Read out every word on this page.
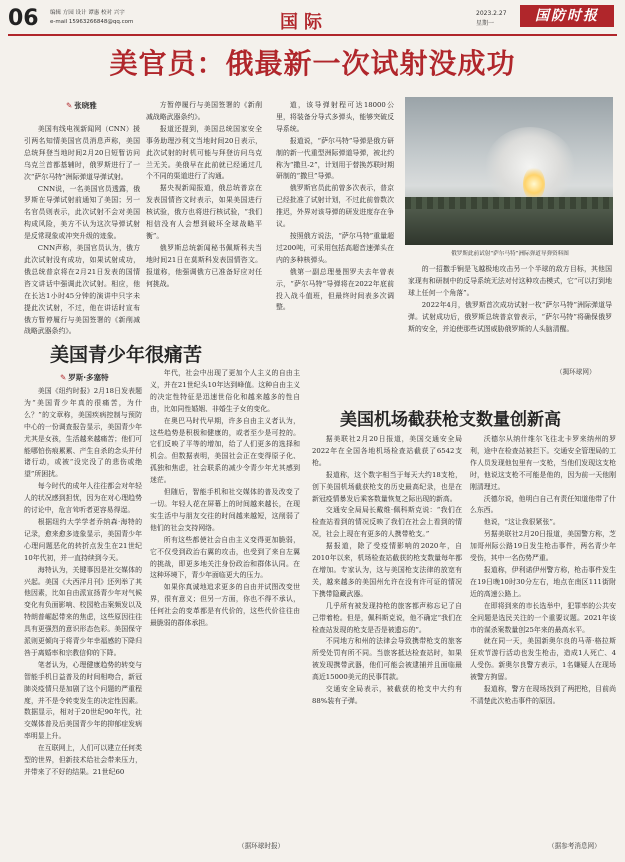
06 编辑 方园 设计 谭惠 校对 兴宇
e-mail 15963266848@qq.com	国际	2023.2.27
星期一	国防时报
美官员：俄最新一次试射没成功
✎ 张晓雅

美国有线电视新闻网（CNN）援引两名知情美国官员消息声称，美国总统拜登当地时间2月20日短暂访问乌克兰首都基辅时，俄罗斯进行了一次“萨尔马特”洲际弹道导弹试射。

CNN说，一名美国官员透露，俄罗斯在导弹试射前通知了美国；另一名官员则表示，此次试射不会对美国构成风险，美方不认为这次导弹试射是反常现象或冲突升级的迹象。

CNN声称，美国官员认为，俄方此次试射没有成功，如果试射成功，俄总统普京将在2月21日发表的国情咨文讲话中强调此次试射。相应，他在长达1小时45分钟的演讲中只字未提此次试射，不过，他在讲话时宣布俄方暂停履行与美国签署的《新削减战略武器条约》。

方暂停履行与美国签署的《新削减战略武器条约》。

报道还提到，美国总统国家安全事务助理沙利文当地时间20日表示，此次试射的时机可能与拜登访问乌克兰无关。美俄早在此前就已经通过几个不同的渠道进行了沟通。

据央视新闻报道，俄总统普京在发表国情咨文时表示，如果美国进行核试验，俄方也将进行核试验，“我们相信没有人会想到破坏全球战略平衡”。

俄罗斯总统新闻秘书佩斯科夫当地时间21日在莫斯科发表国情咨文。报道称，他强调俄方已准备好应对任何挑战。

道，该导弹射程可达18000公里，将装备分导式多弹头，能够突破反导系统。

报道说，“萨尔马特”导弹是俄方研制的新一代重型洲际弹道导弹，被北约称为“撒旦-2”，计划用于替换苏联时期研制的“撒旦”导弹。

俄罗斯官员此前曾多次表示，普京已经批准了试射计划，不过此前曾数次推迟，外界对该导弹的研发进度存在争议。

按照俄方说法，“萨尔马特”重量超过200吨，可采用包括高超音速弹头在内的多种核弹头。

俄第一副总理曼图罗夫去年曾表示，“萨尔马特”导弹将在2022年底前投入战斗值班，但最终时间表多次调整。

俄罗斯此前试射“萨尔马特”洲际弹道导弹资料图

的一招撒手锏是飞越极地攻击另一个半球的敌方目标，其他国家现有和研制中的反导系统无法对付这种攻击模式，它“可以打到地球上任何一个角落”。

2022年4月，俄罗斯首次成功试射一枚“萨尔马特”洲际弹道导弹。试射成功后，俄罗斯总统普京曾表示，“萨尔马特”将确保俄罗斯的安全，并迫使那些试图威胁俄罗斯的人头脑清醒。

（揭环球网）
美国青少年很痛苦
✎ 罗斯·多塞特

美国《纽约时报》2月18日发表题为“美国青少年真的很痛苦，为什么？”的文章称，美国疾病控制与预防中心的一份调查报告显示，美国青少年尤其是女孩，生活越来越痛苦；他们可能哪怕伤痕累累、产生自杀的念头并付诸行动，或被“没完没了的悲伤或绝望”所困扰。

每今时代的成年人往往都会对年轻人的状况感到担忧，因为在对心理趋势的讨论中，危言耸听者更容易得逞。

根据纽约大学学者乔纳森·海特的记录，愈来愈多迹象显示，美国青少年心理问题恶化的转折点发生在21世纪10年代初，并一直持续到今天。

海特认为，关键事因是社交媒体的兴起。美国《大西洋月刊》还列举了其他因素，比如自由派宣扬青少年对气候变化有负面影响、校园枪击案频发以及特朗普崛起带来的焦虑，这些原因往往具有更强烈的意识形态色彩。美国保守派则更倾向于将青少年幸福感的下降归咎于离婚率和宗教信仰的下降。

笔者认为，心理健康趋势的转变与智能手机日益普及的时间相吻合，新冠肺炎疫情只是加剧了这个问题的严重程度，并不是令转变发生的决定性因素。数据显示，相对于20世纪90年代，社交媒体普及后美国青少年的抑郁症发病率明显上升。

在互联网上，人们可以建立任何类型的世界，但新技术给社会带来压力，并带来了不好的结果。21世纪60

年代，社会中出现了更加个人主义的自由主义，并在21世纪头10年达到峰值。这种自由主义的决定性特征是迅速世俗化和越来越多的性自由，比如同性婚姻、非婚生子女的变化。

在奥巴马时代早期，许多自由主义者认为，这些趋势是积极和健康的，或者至少是可控的。它们反映了平等的增加，给了人们更多的选择和机会。但数据表明，美国社会正在变得原子化、孤独和焦虑，社会联系的减少令青少年尤其感到迷茫。

但随后，智能手机和社交媒体的普及改变了一切。年轻人花在屏幕上的时间越来越长，在现实生活中与朋友交往的时间越来越短，这削弱了他们的社会支持网络。

所有这些都使社会自由主义变得更加脆弱，它不仅受到政治右翼的攻击，也受到了来自左翼的挑战，即更多地关注身份政治和群体认同。在这种环境下，青少年面临更大的压力。

如果你真诚地追求更多的自由并试图改变世界，很有意义；但另一方面，你也不得不承认，任何社会的变革都是有代价的，这些代价往往由最脆弱的群体承担。

（据环球时报）
美国机场截获枪支数量创新高

据美联社2月20日报道，美国交通安全局2022年在全国各地机场检查站截获了6542支枪。

报道称，这个数字相当于每天大约18支枪，创下美国机场截获枪支的历史最高纪录，也是在新冠疫情暴发后乘客数量恢复之际出现的新高。

交通安全局局长戴维·佩科斯克说：“我们在检查站看到的情况反映了我们在社会上看到的情况，社会上现在有更多的人携带枪支。”

据报道，除了受疫情影响的2020年，自2010年以来，机场检查站截获的枪支数量每年都在增加。专家认为，这与美国枪支法律的放宽有关，越来越多的美国州允许在没有许可证的情况下携带隐藏武器。

几乎所有被发现持枪的旅客都声称忘记了自己带着枪。但是，佩科斯克说，他不确定“我们在检查站发现的枪支是否是被遗忘的”。

不同地方和州的法律会导致携带枪支的旅客所受处罚有所不同。当旅客抵达检查站时，如果被发现携带武器，他们可能会被逮捕并且面临最高近15000美元的民事罚款。

交通安全局表示，被截获的枪支中大约有88%装有子弹。

沃德尔从纳什维尔飞往北卡罗来纳州的罗利，途中在检查站被拦下。交通安全管理局的工作人员发现他包里有一支枪，当他们发现这支枪时，他说这支枪不可能是他的，因为前一天他刚刚清理过。

沃德尔说，他明白自己有责任知道他带了什么东西。

他说，“这让我很紧张”。

另据美联社2月20日报道，美国警方称，芝加哥州际公路19日发生枪击事件，两名青少年受伤，其中一名伤势严重。

报道称，伊利诺伊州警方称，枪击事件发生在19日晚10时30分左右，地点在南区111街附近的高速公路上。

在即将到来的市长选举中，犯罪率的公共安全问题是选民关注的一个重要议题。2021年该市的谋杀案数量创25年来的最高水平。

就在同一天，美国新奥尔良的马蒂·格拉斯狂欢节游行活动也发生枪击，造成1人死亡、4人受伤。新奥尔良警方表示，1名嫌疑人在现场被警方拘留。

报道称，警方在现场找到了两把枪，目前尚不清楚此次枪击事件的原因。

（据参考消息网）
